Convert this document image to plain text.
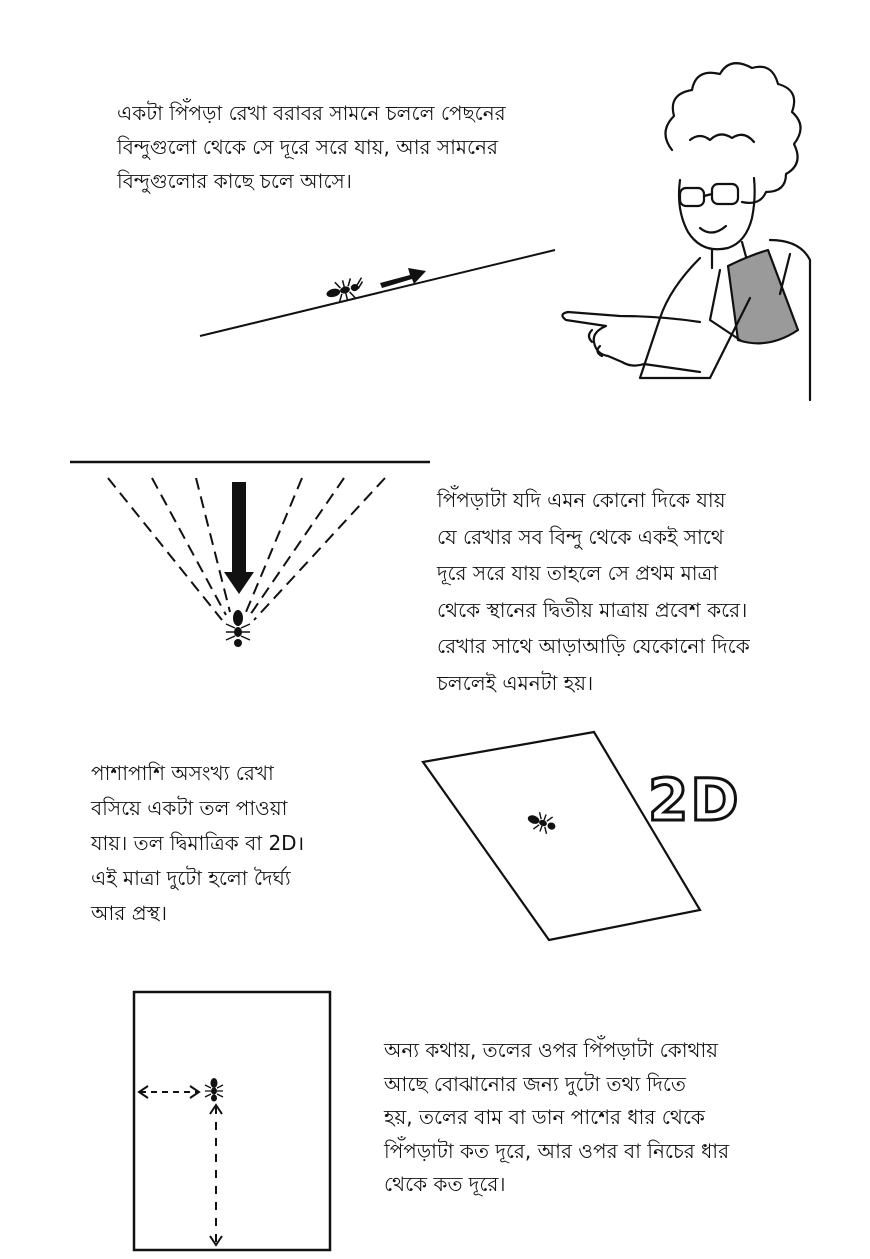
একটা পিঁপড়া রেখা বরাবর সামনে চললে পেছনের
বিন্দুগুলো থেকে সে দূরে সরে যায়, আর সামনের
বিন্দুগুলোর কাছে চলে আসে।
পিঁপড়াটা যদি এমন কোনো দিকে যায়
যে রেখার সব বিন্দু থেকে একই সাথে
দূরে সরে যায় তাহলে সে প্রথম মাত্রা
থেকে স্থানের দ্বিতীয় মাত্রায় প্রবেশ করে।
রেখার সাথে আড়াআড়ি যেকোনো দিকে
চললেই এমনটা হয়।
পাশাপাশি অসংখ্য রেখা
বসিয়ে একটা তল পাওয়া
যায়। তল দ্বিমাত্রিক বা 2D।
এই মাত্রা দুটো হলো দৈর্ঘ্য
আর প্রস্থ।
2D
অন্য কথায়, তলের ওপর পিঁপড়াটা কোথায়
আছে বোঝানোর জন্য দুটো তথ্য দিতে
হয়, তলের বাম বা ডান পাশের ধার থেকে
পিঁপড়াটা কত দূরে, আর ওপর বা নিচের ধার
থেকে কত দূরে।
